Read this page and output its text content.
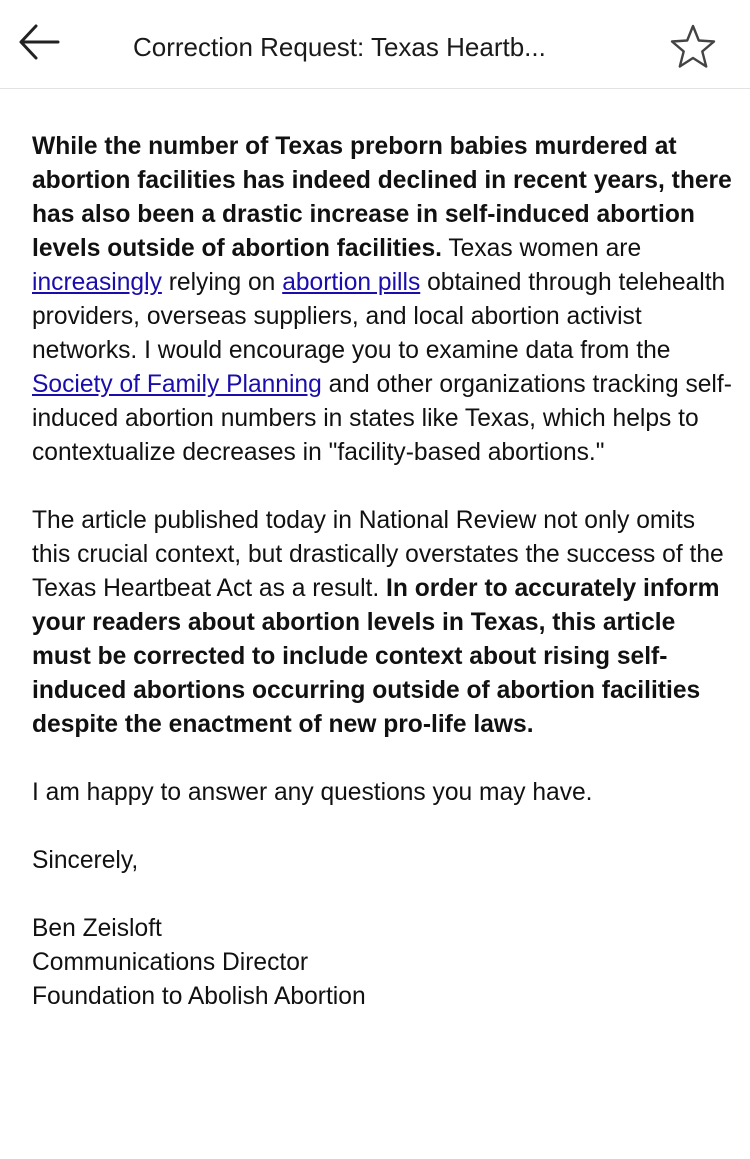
Correction Request: Texas Heartb...

While the number of Texas preborn babies murdered at abortion facilities has indeed declined in recent years, there has also been a drastic increase in self-induced abortion levels outside of abortion facilities. Texas women are increasingly relying on abortion pills obtained through telehealth providers, overseas suppliers, and local abortion activist networks. I would encourage you to examine data from the Society of Family Planning and other organizations tracking self-induced abortion numbers in states like Texas, which helps to contextualize decreases in "facility-based abortions."

The article published today in National Review not only omits this crucial context, but drastically overstates the success of the Texas Heartbeat Act as a result. In order to accurately inform your readers about abortion levels in Texas, this article must be corrected to include context about rising self-induced abortions occurring outside of abortion facilities despite the enactment of new pro-life laws.

I am happy to answer any questions you may have.

Sincerely,

Ben Zeisloft
Communications Director
Foundation to Abolish Abortion
